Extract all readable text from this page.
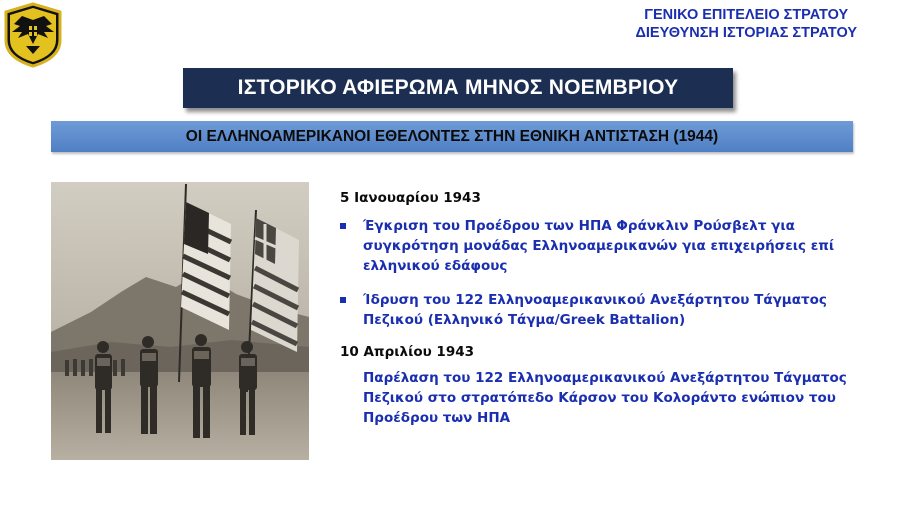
ΓΕΝΙΚΟ ΕΠΙΤΕΛΕΙΟ ΣΤΡΑΤΟΥ
ΔΙΕΥΘΥΝΣΗ ΙΣΤΟΡΙΑΣ ΣΤΡΑΤΟΥ
ΙΣΤΟΡΙΚΟ ΑΦΙΕΡΩΜΑ ΜΗΝΟΣ ΝΟΕΜΒΡΙΟΥ
ΟΙ ΕΛΛΗΝΟΑΜΕΡΙΚΑΝΟΙ ΕΘΕΛΟΝΤΕΣ ΣΤΗΝ ΕΘΝΙΚΗ ΑΝΤΙΣΤΑΣΗ (1944)

5 Ιανουαρίου 1943

Έγκριση του Προέδρου των ΗΠΑ Φράνκλιν Ρούσβελτ για συγκρότηση μονάδας Ελληνοαμερικανών για επιχειρήσεις επί ελληνικού εδάφους
Ίδρυση του 122 Ελληνοαμερικανικού Ανεξάρτητου Τάγματος Πεζικού (Ελληνικό Τάγμα/Greek Battalion)

10 Απριλίου 1943

Παρέλαση του 122 Ελληνοαμερικανικού Ανεξάρτητου Τάγματος Πεζικού στο στρατόπεδο Κάρσον του Κολοράντο ενώπιον του Προέδρου των ΗΠΑ
